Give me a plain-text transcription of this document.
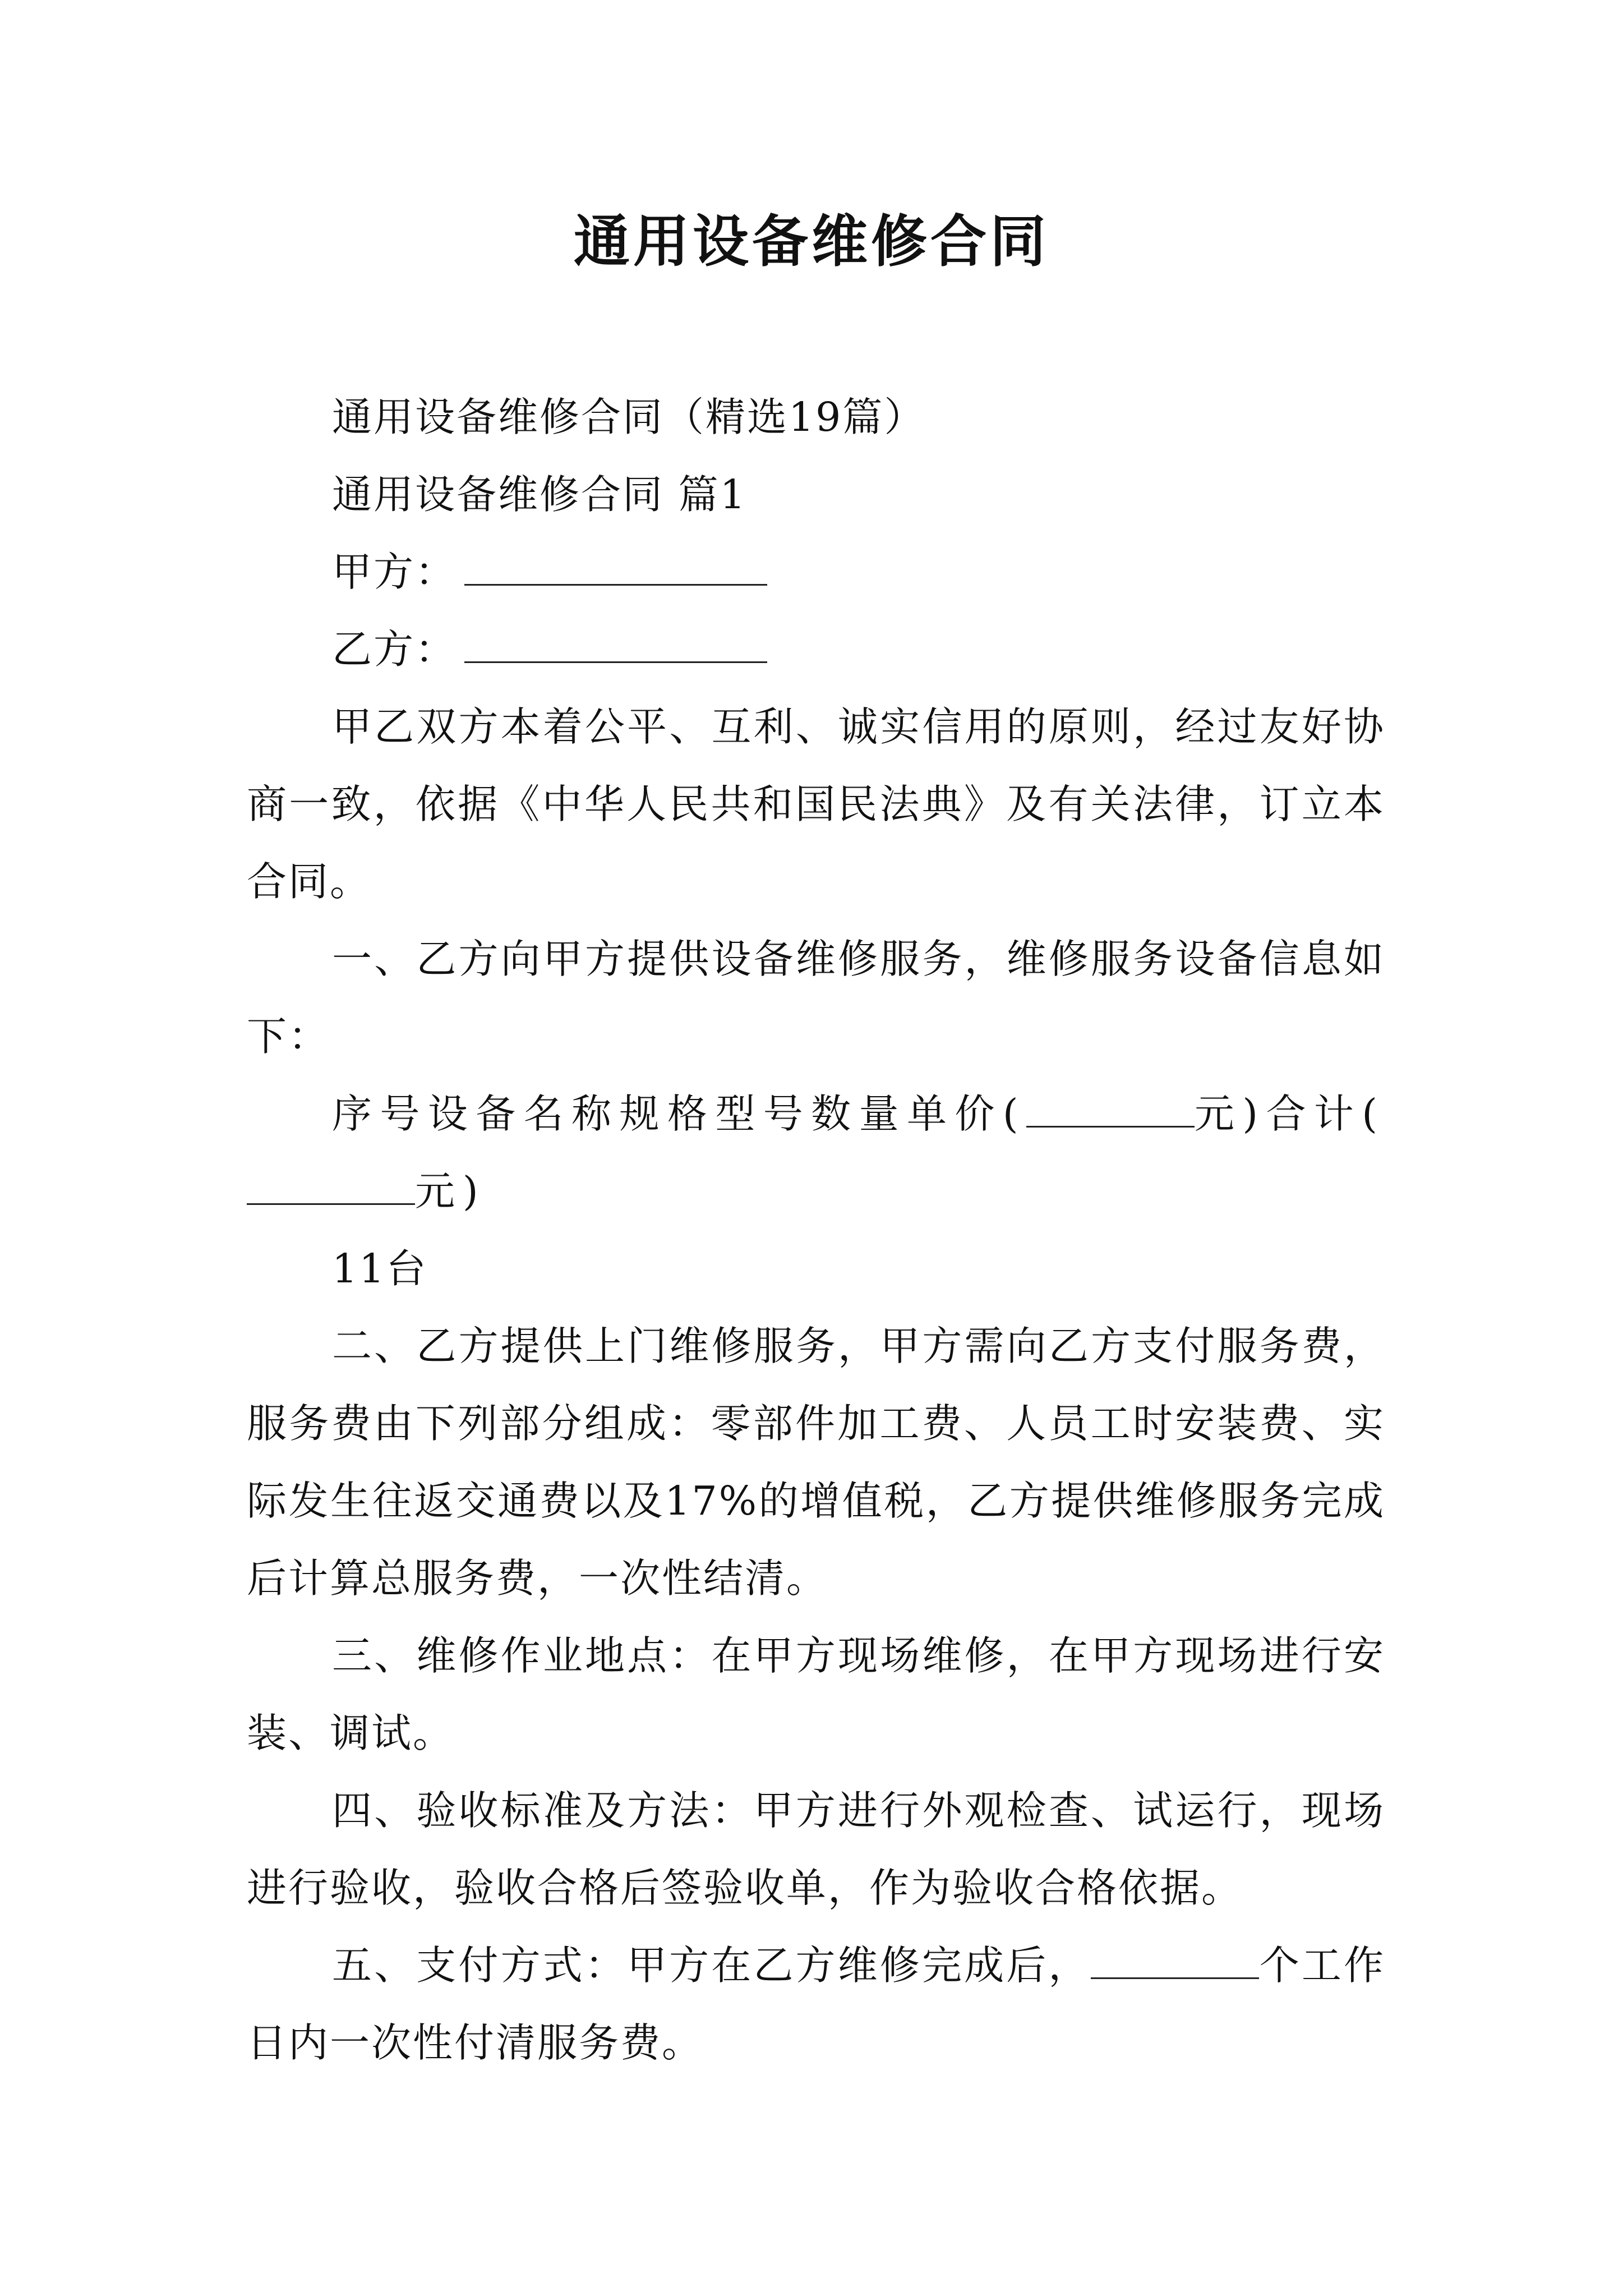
通用设备维修合同

通用设备维修合同（精选19篇）

通用设备维修合同 篇1

甲方：

乙方：

甲乙双方本着公平、互利、诚实信用的原则，经过友好协商一致，依据《中华人民共和国民法典》及有关法律，订立本合同。

一、乙方向甲方提供设备维修服务，维修服务设备信息如下：

序号设备名称规格型号数量单价(	元)合计(元)

11台

二、乙方提供上门维修服务，甲方需向乙方支付服务费，服务费由下列部分组成：零部件加工费、人员工时安装费、实际发生往返交通费以及17%的增值税，乙方提供维修服务完成后计算总服务费，一次性结清。

三、维修作业地点：在甲方现场维修，在甲方现场进行安装、调试。

四、验收标准及方法：甲方进行外观检查、试运行，现场进行验收，验收合格后签验收单，作为验收合格依据。

五、支付方式：甲方在乙方维修完成后，	个工作日内一次性付清服务费。
